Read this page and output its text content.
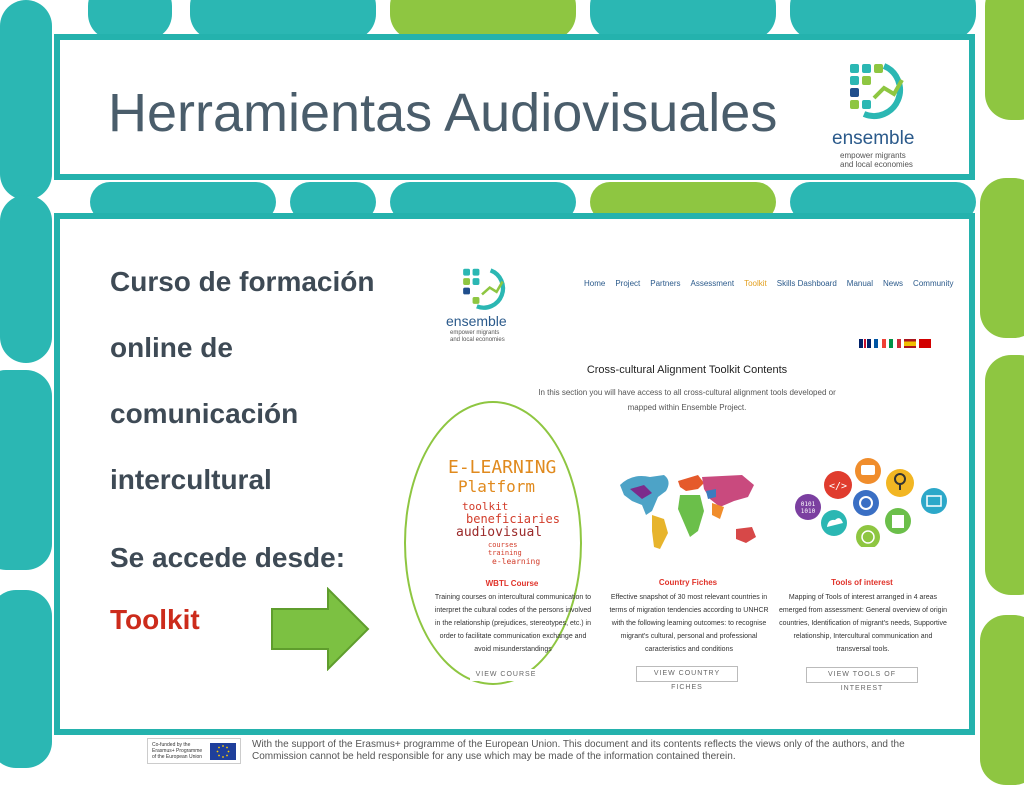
Herramientas Audiovisuales	ensemble
empower migrants
and local economies
Curso de formación
online de
comunicación
intercultural
Se accede desde:
Toolkit
ensemble
empower migrants
and local economies
Home Project Partners Assessment Toolkit Skills Dashboard Manual News Community
Cross-cultural Alignment Toolkit Contents
In this section you will have access to all cross-cultural alignment tools developed or mapped within Ensemble Project.
E-LEARNING
Platform
toolkit
beneficiaries
audiovisual
courses
training
e-learning
WBTL Course
Training courses on intercultural communication to interpret the cultural codes of the persons involved in the relationship (prejudices, stereotypes, etc.) in order to facilitate communication exchange and avoid misunderstandings
VIEW COURSE
Country Fiches
Effective snapshot of 30 most relevant countries in terms of migration tendencies according to UNHCR with the following learning outcomes: to recognise migrant's cultural, personal and professional caracteristics and conditions
VIEW COUNTRY FICHES
</>
0101
1010
Tools of interest
Mapping of Tools of interest arranged in 4 areas emerged from assessment: General overview of origin countries, Identification of migrant's needs, Supportive relationship, Intercultural communication and transversal tools.
VIEW TOOLS OF INTEREST
Co-funded by the
Erasmus+ Programme
of the European Union
With the support of the Erasmus+ programme of the European Union. This document and its contents reflects the views only of the authors, and the Commission cannot be held responsible for any use which may be made of the information contained therein.
